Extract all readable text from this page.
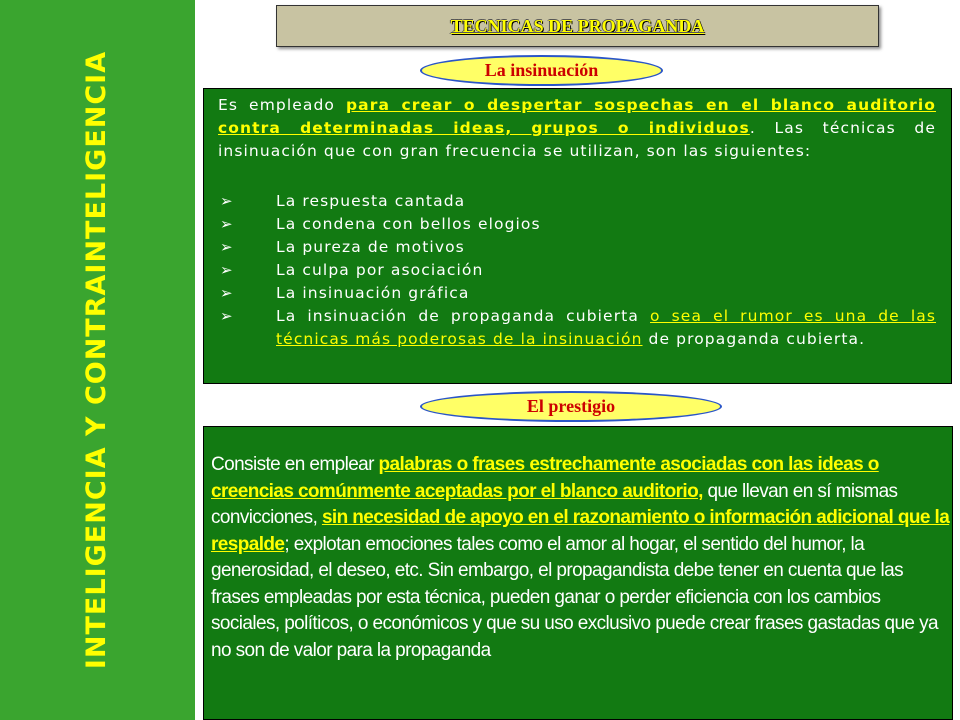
INTELIGENCIA Y CONTRAINTELIGENCIA
TECNICAS DE PROPAGANDA
La insinuación
Es empleado para crear o despertar sospechas en el blanco auditorio contra determinadas ideas, grupos o individuos. Las técnicas de insinuación que con gran frecuencia se utilizan, son las siguientes:
➢	La respuesta cantada
➢	La condena con bellos elogios
➢	La pureza de motivos
➢	La culpa por asociación
➢	La insinuación gráfica
➢	La insinuación de propaganda cubierta o sea el rumor es una de las técnicas más poderosas de la insinuación de propaganda cubierta.
El prestigio
Consiste en emplear palabras o frases estrechamente asociadas con las ideas o creencias comúnmente aceptadas por el blanco auditorio, que llevan en sí mismas convicciones, sin necesidad de apoyo en el razonamiento o información adicional que la respalde; explotan emociones tales como el amor al hogar, el sentido del humor, la generosidad, el deseo, etc. Sin embargo, el propagandista debe tener en cuenta que las frases empleadas por esta técnica, pueden ganar o perder eficiencia con los cambios sociales, políticos, o económicos y que su uso exclusivo puede crear frases gastadas que ya no son de valor para la propaganda
